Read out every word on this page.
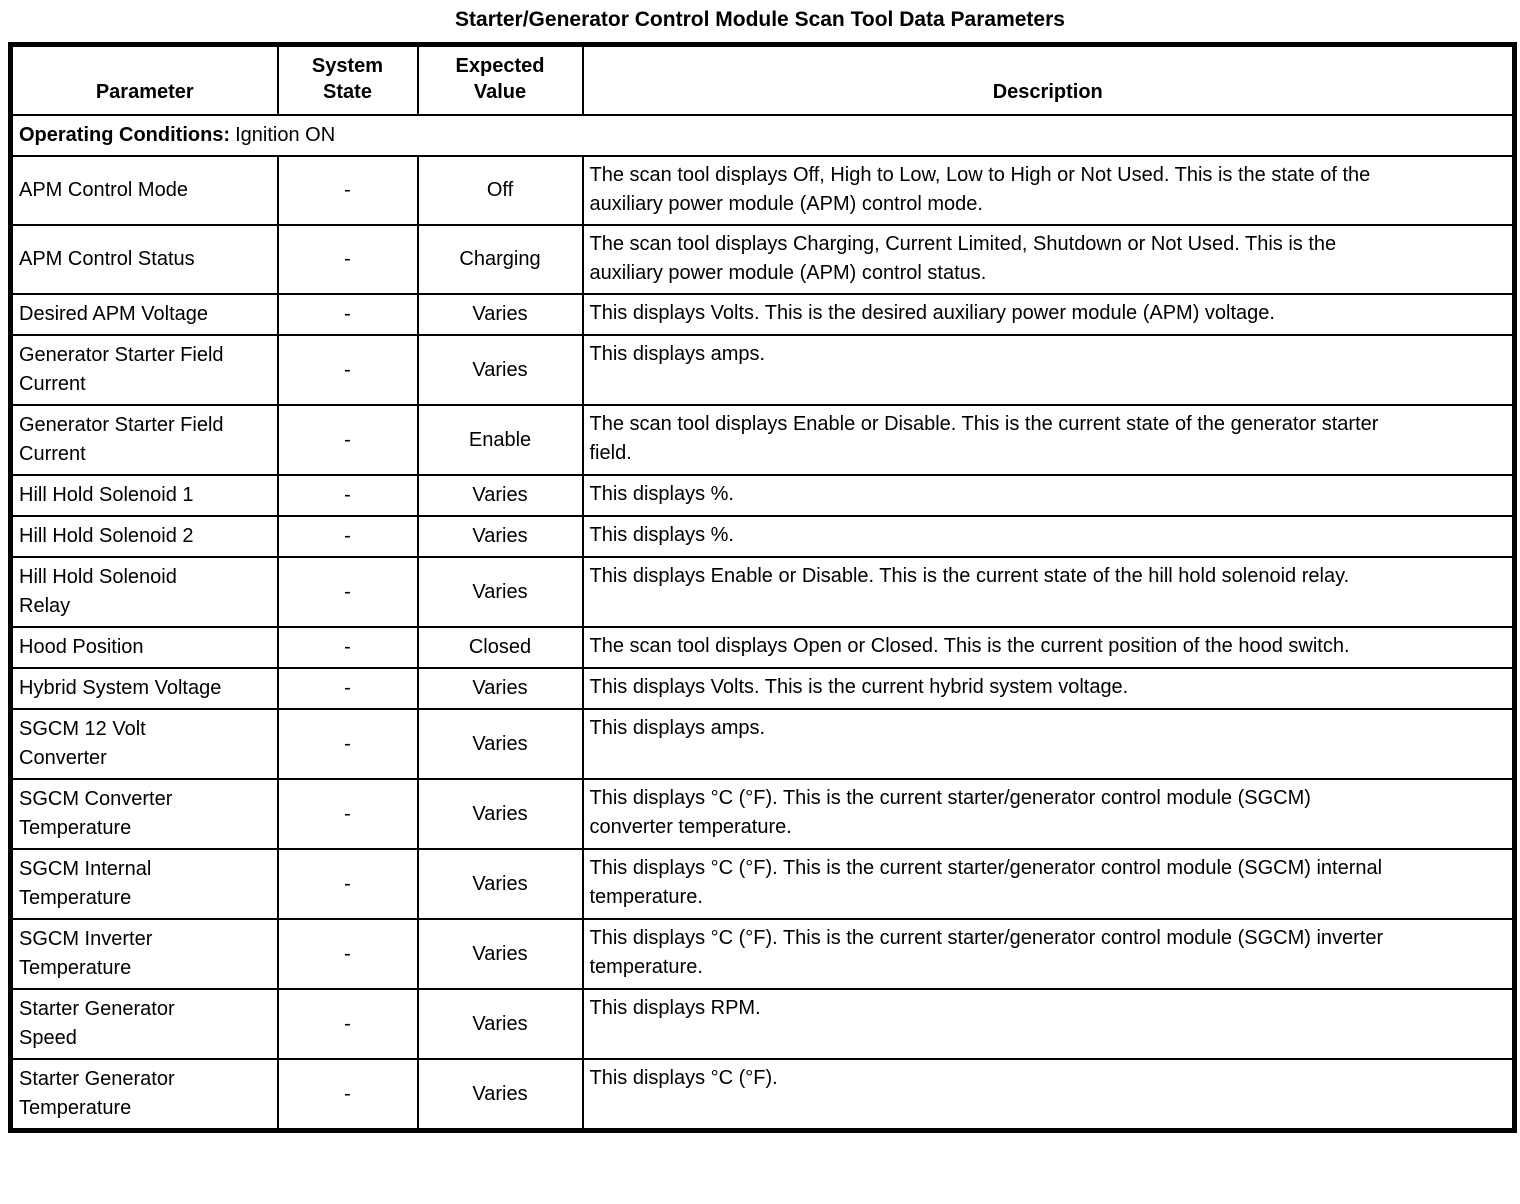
Starter/Generator Control Module Scan Tool Data Parameters
Parameter	System State	Expected Value	Description
Operating Conditions: Ignition ON			
APM Control Mode	-	Off	The scan tool displays Off, High to Low, Low to High or Not Used. This is the state of the auxiliary power module (APM) control mode.
APM Control Status	-	Charging	The scan tool displays Charging, Current Limited, Shutdown or Not Used. This is the auxiliary power module (APM) control status.
Desired APM Voltage	-	Varies	This displays Volts. This is the desired auxiliary power module (APM) voltage.
Generator Starter Field Current	-	Varies	This displays amps.
Generator Starter Field Current	-	Enable	The scan tool displays Enable or Disable. This is the current state of the generator starter field.
Hill Hold Solenoid 1	-	Varies	This displays %.
Hill Hold Solenoid 2	-	Varies	This displays %.
Hill Hold Solenoid Relay	-	Varies	This displays Enable or Disable. This is the current state of the hill hold solenoid relay.
Hood Position	-	Closed	The scan tool displays Open or Closed. This is the current position of the hood switch.
Hybrid System Voltage	-	Varies	This displays Volts. This is the current hybrid system voltage.
SGCM 12 Volt Converter	-	Varies	This displays amps.
SGCM Converter Temperature	-	Varies	This displays °C (°F). This is the current starter/generator control module (SGCM) converter temperature.
SGCM Internal Temperature	-	Varies	This displays °C (°F). This is the current starter/generator control module (SGCM) internal temperature.
SGCM Inverter Temperature	-	Varies	This displays °C (°F). This is the current starter/generator control module (SGCM) inverter temperature.
Starter Generator Speed	-	Varies	This displays RPM.
Starter Generator Temperature	-	Varies	This displays °C (°F).
